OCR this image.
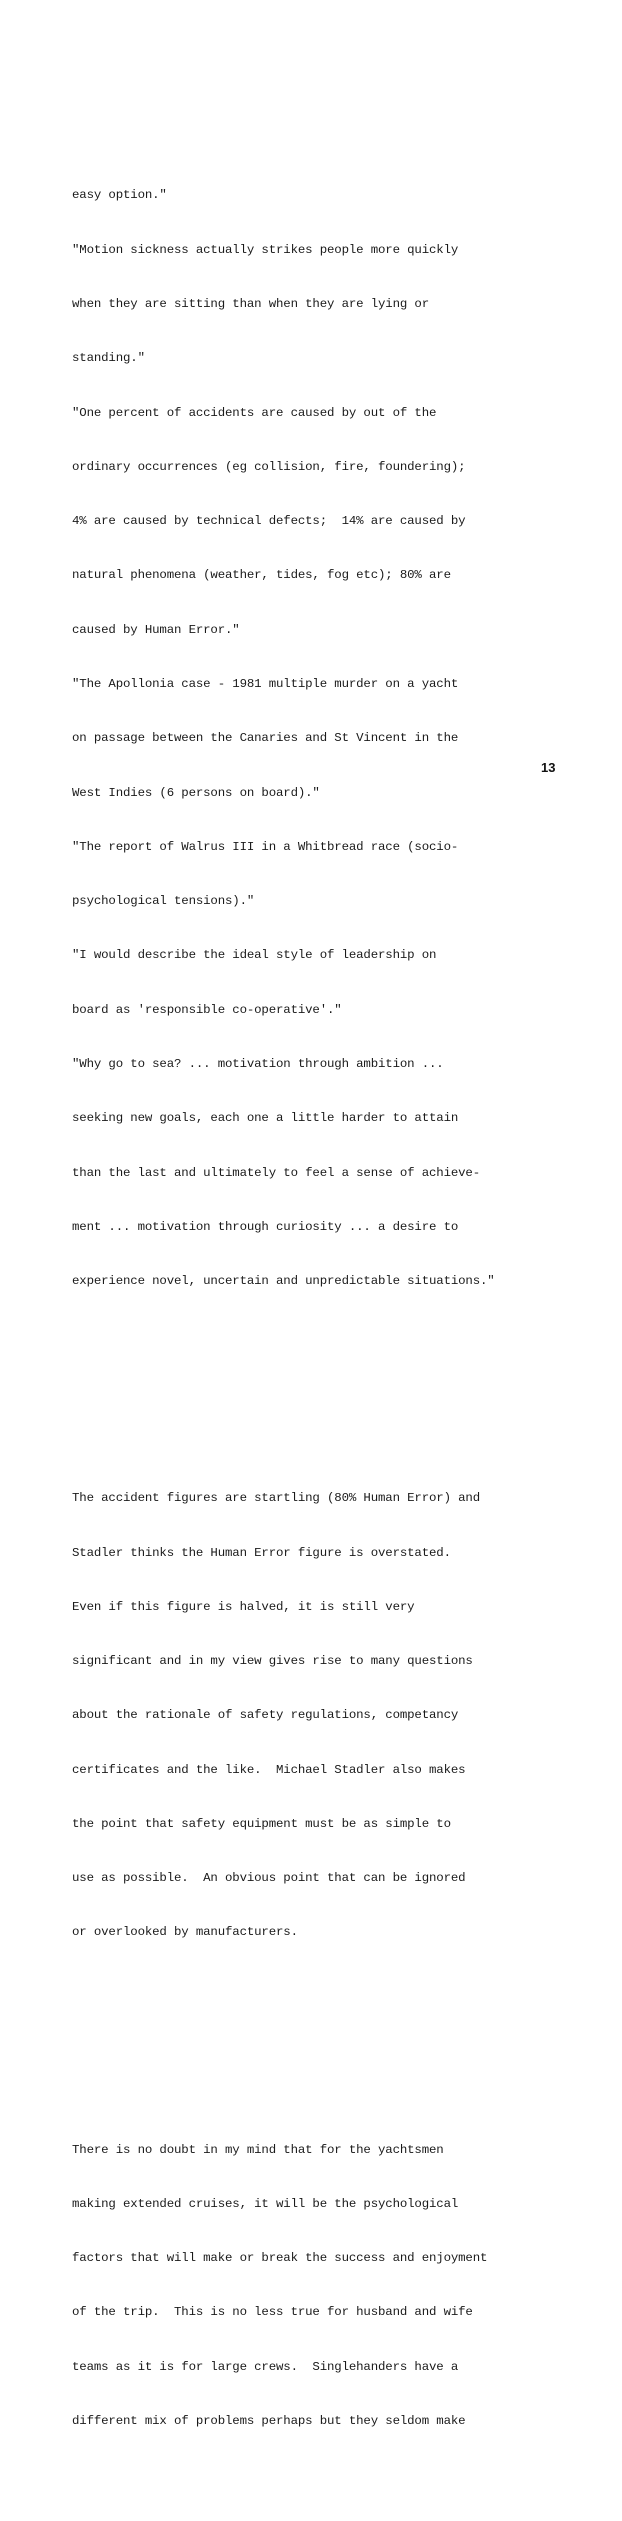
easy option."

"Motion sickness actually strikes people more quickly

when they are sitting than when they are lying or

standing."

"One percent of accidents are caused by out of the

ordinary occurrences (eg collision, fire, foundering);

4% are caused by technical defects;  14% are caused by

natural phenomena (weather, tides, fog etc); 80% are

caused by Human Error."

"The Apollonia case - 1981 multiple murder on a yacht

on passage between the Canaries and St Vincent in the

West Indies (6 persons on board)."

"The report of Walrus III in a Whitbread race (socio-

psychological tensions)."

"I would describe the ideal style of leadership on

board as 'responsible co-operative'."

"Why go to sea? ... motivation through ambition ...

seeking new goals, each one a little harder to attain

than the last and ultimately to feel a sense of achieve-

ment ... motivation through curiosity ... a desire to

experience novel, uncertain and unpredictable situations."

The accident figures are startling (80% Human Error) and

Stadler thinks the Human Error figure is overstated.

Even if this figure is halved, it is still very

significant and in my view gives rise to many questions

about the rationale of safety regulations, competancy

certificates and the like.  Michael Stadler also makes

the point that safety equipment must be as simple to

use as possible.  An obvious point that can be ignored

or overlooked by manufacturers.

There is no doubt in my mind that for the yachtsmen

making extended cruises, it will be the psychological

factors that will make or break the success and enjoyment

of the trip.  This is no less true for husband and wife

teams as it is for large crews.  Singlehanders have a

different mix of problems perhaps but they seldom make

13
